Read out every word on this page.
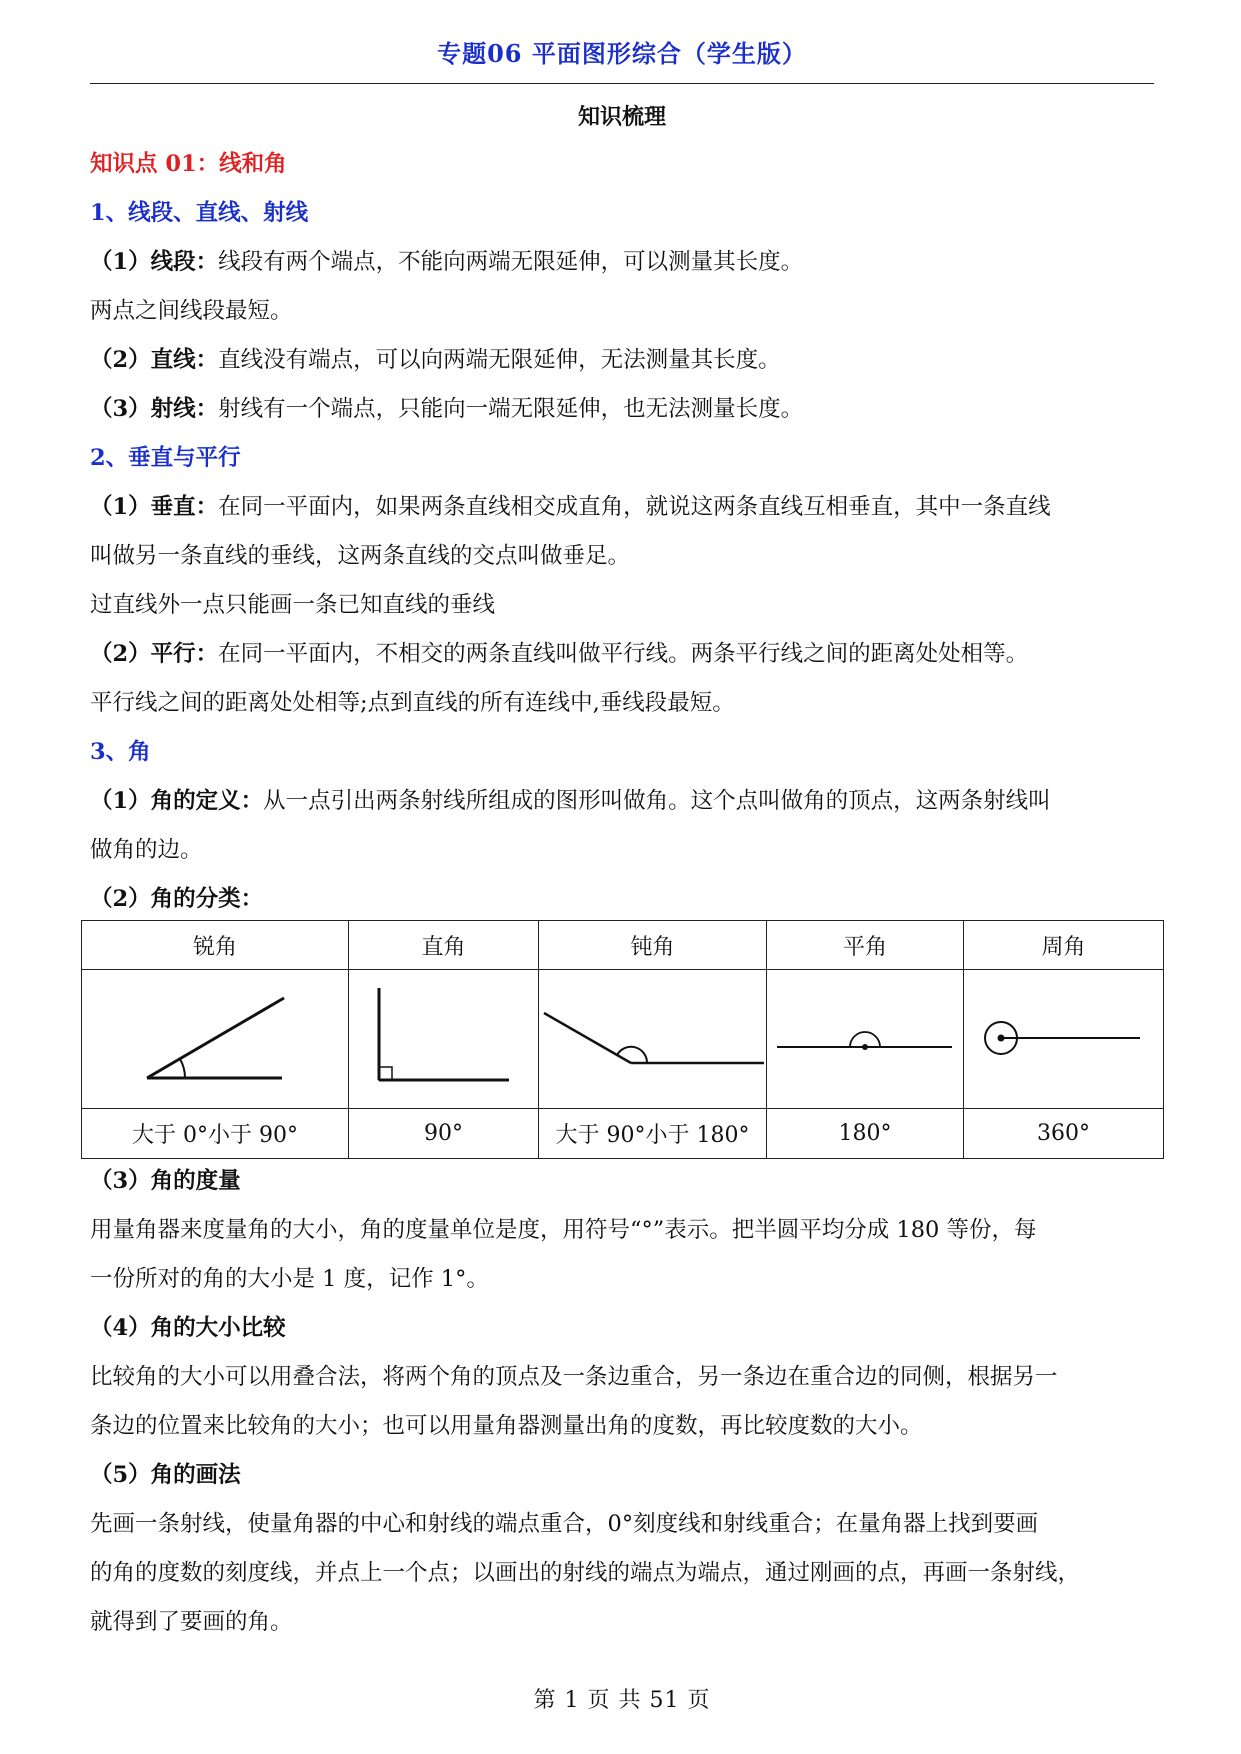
专题06 平面图形综合（学生版）
知识梳理
知识点 01：线和角
1、线段、直线、射线
（1）线段：线段有两个端点，不能向两端无限延伸，可以测量其长度。
两点之间线段最短。
（2）直线：直线没有端点，可以向两端无限延伸，无法测量其长度。
（3）射线：射线有一个端点，只能向一端无限延伸，也无法测量长度。
2、垂直与平行
（1）垂直：在同一平面内，如果两条直线相交成直角，就说这两条直线互相垂直，其中一条直线
叫做另一条直线的垂线，这两条直线的交点叫做垂足。
过直线外一点只能画一条已知直线的垂线
（2）平行：在同一平面内，不相交的两条直线叫做平行线。两条平行线之间的距离处处相等。
平行线之间的距离处处相等;点到直线的所有连线中,垂线段最短。
3、角
（1）角的定义：从一点引出两条射线所组成的图形叫做角。这个点叫做角的顶点，这两条射线叫
做角的边。
（2）角的分类：
锐角	直角	钝角	平角	周角

大于 0°小于 90°	90°	大于 90°小于 180°	180°	360°
（3）角的度量
用量角器来度量角的大小，角的度量单位是度，用符号“°”表示。把半圆平均分成 180 等份，每
一份所对的角的大小是 1 度，记作 1°。
（4）角的大小比较
比较角的大小可以用叠合法，将两个角的顶点及一条边重合，另一条边在重合边的同侧，根据另一
条边的位置来比较角的大小；也可以用量角器测量出角的度数，再比较度数的大小。
（5）角的画法
先画一条射线，使量角器的中心和射线的端点重合，0°刻度线和射线重合；在量角器上找到要画
的角的度数的刻度线，并点上一个点；以画出的射线的端点为端点，通过刚画的点，再画一条射线，
就得到了要画的角。
第 1 页 共 51 页
